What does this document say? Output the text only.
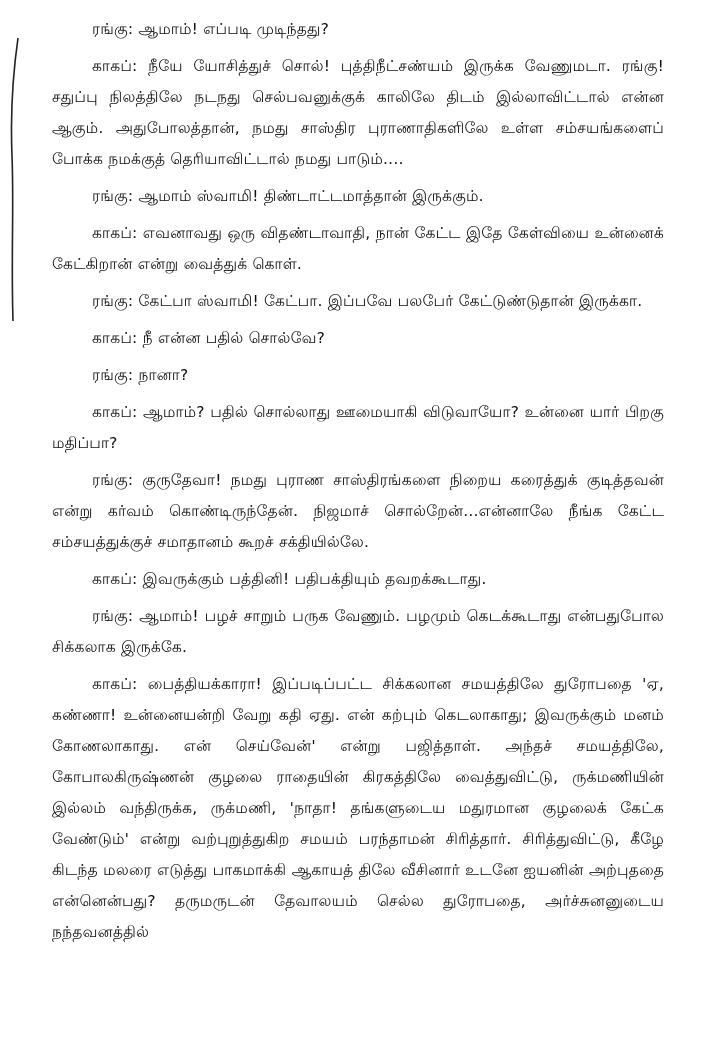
ரங்கு: ஆமாம்! எப்படி முடிந்தது?

காகப்: நீயே யோசித்துச் சொல்! புத்திநீட்சண்யம் இருக்க வேணுமடா. ரங்கு! சதுப்பு நிலத்திலே நடநது செல்பவனுக்குக் காலிலே திடம் இல்லாவிட்டால் என்ன ஆகும். அதுபோலத்தான், நமது சாஸ்திர புராணாதிகளிலே உள்ள சம்சயங்களைப் போக்க நமக்குத் தெரியாவிட்டால் நமது பாடும்....

ரங்கு: ஆமாம் ஸ்வாமி! திண்டாட்டமாத்தான் இருக்கும்.

காகப்: எவனாவது ஒரு விதண்டாவாதி, நான் கேட்ட இதே கேள்வியை உன்னைக் கேட்கிறான் என்று வைத்துக் கொள்.

ரங்கு: கேட்பா ஸ்வாமி! கேட்பா. இப்பவே பலபேர் கேட்டுண்டுதான் இருக்கா.

காகப்: நீ என்ன பதில் சொல்வே?

ரங்கு: நானா?

காகப்: ஆமாம்? பதில் சொல்லாது ஊமையாகி விடுவாயோ? உன்னை யார் பிறகு மதிப்பா?

ரங்கு: குருதேவா! நமது புராண சாஸ்திரங்களை நிறைய கரைத்துக் குடித்தவன் என்று கர்வம் கொண்டிருந்தேன். நிஜமாச் சொல்றேன்...என்னாலே நீங்க கேட்ட சம்சயத்துக்குச் சமாதானம் கூறச் சக்தியில்லே.

காகப்: இவருக்கும் பத்தினி! பதிபக்தியும் தவறக்கூடாது.

ரங்கு: ஆமாம்! பழச் சாறும் பருக வேணும். பழமும் கெடக்கூடாது என்பதுபோல சிக்கலாக இருக்கே.

காகப்: பைத்தியக்காரா! இப்படிப்பட்ட சிக்கலான சமயத்திலே துரோபதை 'ஏ, கண்ணா! உன்னையன்றி வேறு கதி ஏது. என் கற்பும் கெடலாகாது; இவருக்கும் மனம் கோணலாகாது. என் செய்வேன்' என்று பஜித்தாள். அந்தச் சமயத்திலே, கோபாலகிருஷ்ணன் குழலை ராதையின் கிரகத்திலே வைத்துவிட்டு, ருக்மணியின் இல்லம் வந்திருக்க, ருக்மணி, 'நாதா! தங்களுடைய மதுரமான குழலைக் கேட்க வேண்டும்' என்று வற்புறுத்துகிற சமயம் பரந்தாமன் சிரித்தார். சிரித்துவிட்டு, கீழே கிடந்த மலரை எடுத்து பாகமாக்கி ஆகாயத் திலே வீசினார் உடனே ஐயனின் அற்புததை என்னென்பது? தருமருடன் தேவாலயம் செல்ல துரோபதை, அர்ச்சுனனுடைய நந்தவனத்தில்
